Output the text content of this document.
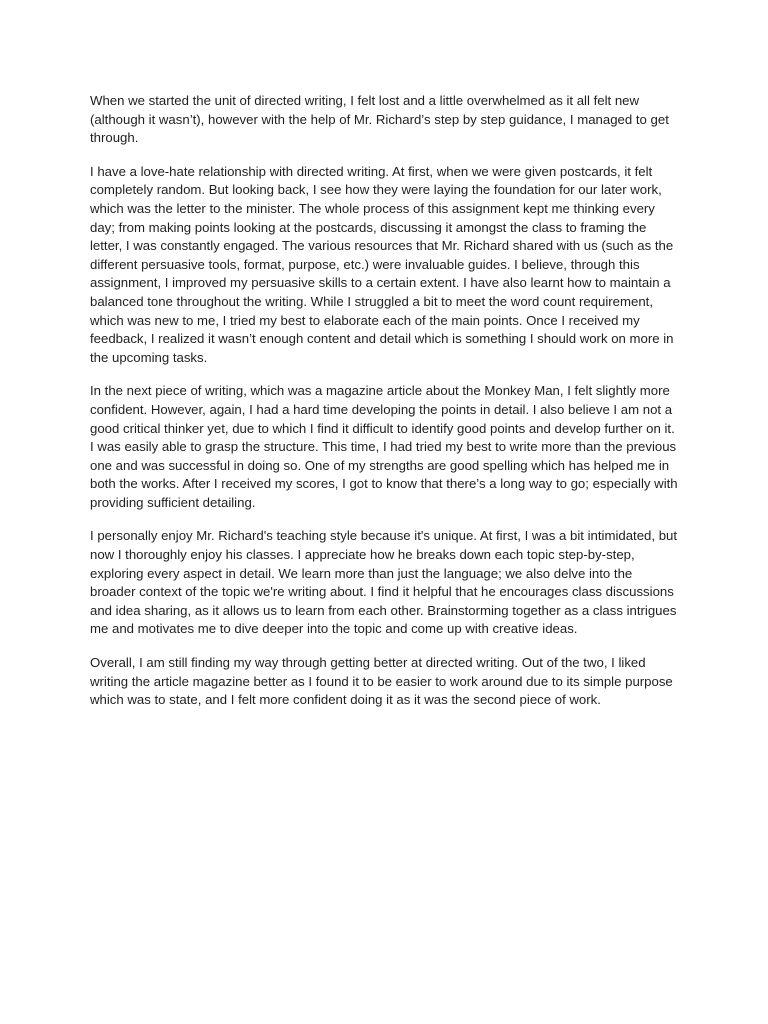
When we started the unit of directed writing, I felt lost and a little overwhelmed as it all felt new (although it wasn’t), however with the help of Mr. Richard’s step by step guidance, I managed to get through.

I have a love-hate relationship with directed writing. At first, when we were given postcards, it felt completely random. But looking back, I see how they were laying the foundation for our later work, which was the letter to the minister. The whole process of this assignment kept me thinking every day; from making points looking at the postcards, discussing it amongst the class to framing the letter, I was constantly engaged. The various resources that Mr. Richard shared with us (such as the different persuasive tools, format, purpose, etc.) were invaluable guides. I believe, through this assignment, I improved my persuasive skills to a certain extent. I have also learnt how to maintain a balanced tone throughout the writing. While I struggled a bit to meet the word count requirement, which was new to me, I tried my best to elaborate each of the main points. Once I received my feedback, I realized it wasn’t enough content and detail which is something I should work on more in the upcoming tasks.

In the next piece of writing, which was a magazine article about the Monkey Man, I felt slightly more confident. However, again, I had a hard time developing the points in detail. I also believe I am not a good critical thinker yet, due to which I find it difficult to identify good points and develop further on it. I was easily able to grasp the structure. This time, I had tried my best to write more than the previous one and was successful in doing so. One of my strengths are good spelling which has helped me in both the works. After I received my scores, I got to know that there’s a long way to go; especially with providing sufficient detailing.

I personally enjoy Mr. Richard's teaching style because it's unique. At first, I was a bit intimidated, but now I thoroughly enjoy his classes. I appreciate how he breaks down each topic step-by-step, exploring every aspect in detail. We learn more than just the language; we also delve into the broader context of the topic we're writing about. I find it helpful that he encourages class discussions and idea sharing, as it allows us to learn from each other. Brainstorming together as a class intrigues me and motivates me to dive deeper into the topic and come up with creative ideas.

Overall, I am still finding my way through getting better at directed writing. Out of the two, I liked writing the article magazine better as I found it to be easier to work around due to its simple purpose which was to state, and I felt more confident doing it as it was the second piece of work.
